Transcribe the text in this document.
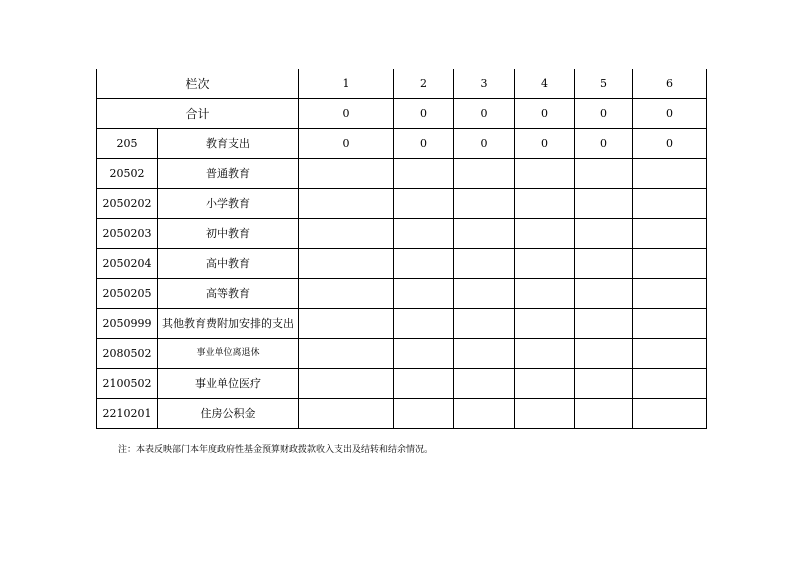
栏次		1	2	3	4	5	6
合计		0	0	0	0	0	0
205	教育支出	0	0	0	0	0	0
20502	普通教育						
2050202	小学教育						
2050203	初中教育						
2050204	高中教育						
2050205	高等教育						
2050999	其他教育费附加安排的支出						
2080502	事业单位离退休						
2100502	事业单位医疗						
2210201	住房公积金						
注：本表反映部门本年度政府性基金预算财政拨款收入支出及结转和结余情况。
